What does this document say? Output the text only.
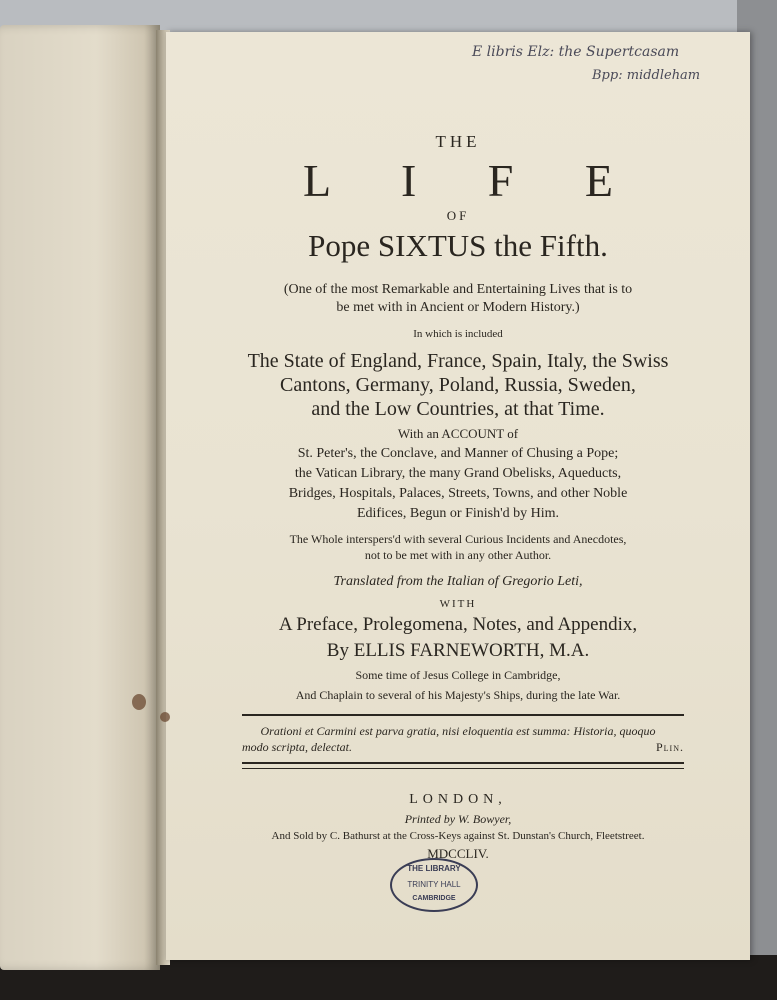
E libris Elz: the Supertcasam
Bpp: middleham
THE
L I F E
OF
Pope SIXTUS the Fifth.
(One of the most Remarkable and Entertaining Lives that is to
be met with in Ancient or Modern History.)
In which is included
The State of England, France, Spain, Italy, the Swiss
Cantons, Germany, Poland, Russia, Sweden,
and the Low Countries, at that Time.
With an ACCOUNT of
St. Peter's, the Conclave, and Manner of Chusing a Pope;
the Vatican Library, the many Grand Obelisks, Aqueducts,
Bridges, Hospitals, Palaces, Streets, Towns, and other Noble
Edifices, Begun or Finish'd by Him.
The Whole interspers'd with several Curious Incidents and Anecdotes,
not to be met with in any other Author.
Translated from the Italian of Gregorio Leti,
WITH
A Preface, Prolegomena, Notes, and Appendix,
By ELLIS FARNEWORTH, M.A.
Some time of Jesus College in Cambridge,
And Chaplain to several of his Majesty's Ships, during the late War.
Orationi et Carmini est parva gratia, nisi eloquentia est summa: Historia, quoquo
modo scripta, delectat.	Plin.
LONDON,
Printed by W. Bowyer,
And Sold by C. Bathurst at the Cross-Keys against St. Dunstan's Church, Fleetstreet.
MDCCLIV.
THE LIBRARY
TRINITY HALL
CAMBRIDGE
